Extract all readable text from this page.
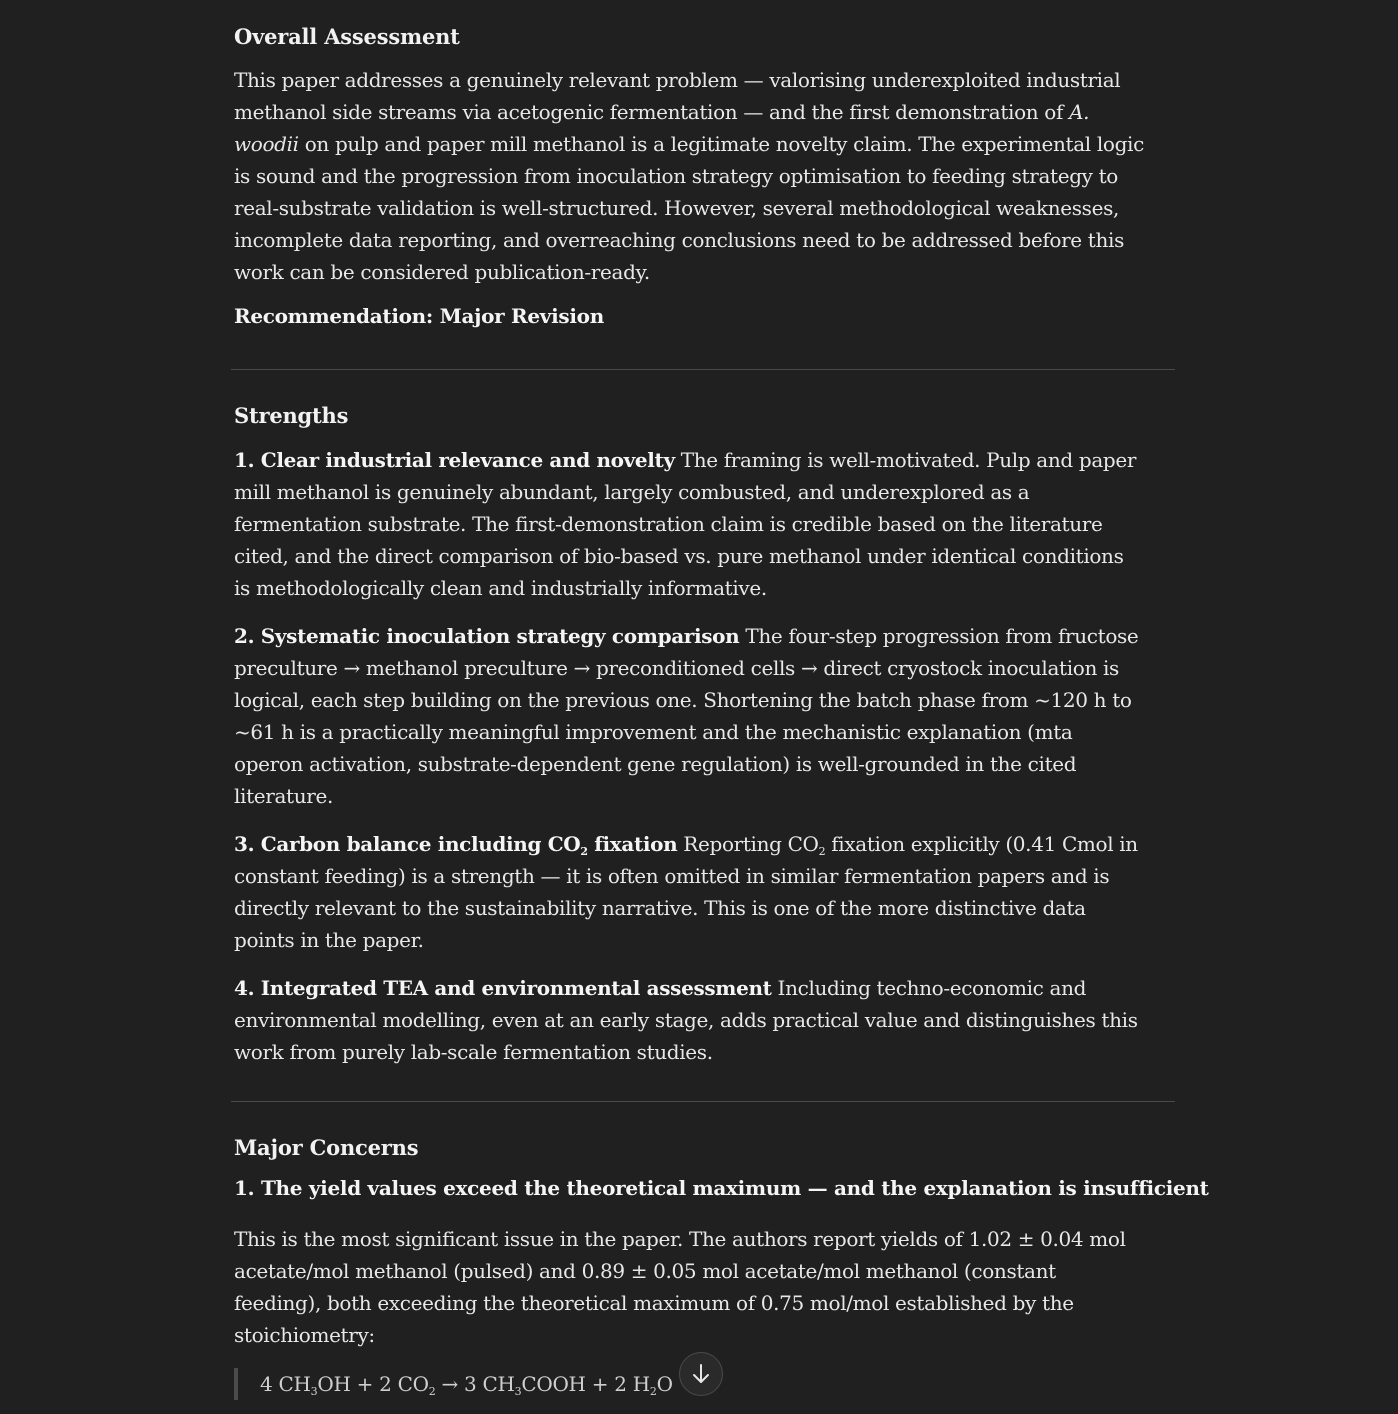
Overall Assessment

This paper addresses a genuinely relevant problem — valorising underexploited industrial methanol side streams via acetogenic fermentation — and the first demonstration of A. woodii on pulp and paper mill methanol is a legitimate novelty claim. The experimental logic is sound and the progression from inoculation strategy optimisation to feeding strategy to real-substrate validation is well-structured. However, several methodological weaknesses, incomplete data reporting, and overreaching conclusions need to be addressed before this work can be considered publication-ready.

Recommendation: Major Revision
Strengths

1. Clear industrial relevance and novelty The framing is well-motivated. Pulp and paper mill methanol is genuinely abundant, largely combusted, and underexplored as a fermentation substrate. The first-demonstration claim is credible based on the literature cited, and the direct comparison of bio-based vs. pure methanol under identical conditions is methodologically clean and industrially informative.

2. Systematic inoculation strategy comparison The four-step progression from fructose preculture → methanol preculture → preconditioned cells → direct cryostock inoculation is logical, each step building on the previous one. Shortening the batch phase from ~120 h to ~61 h is a practically meaningful improvement and the mechanistic explanation (mta operon activation, substrate-dependent gene regulation) is well-grounded in the cited literature.

3. Carbon balance including $CO_2$ fixation Reporting $CO_2$ fixation explicitly (0.41 Cmol in constant feeding) is a strength — it is often omitted in similar fermentation papers and is directly relevant to the sustainability narrative. This is one of the more distinctive data points in the paper.

4. Integrated TEA and environmental assessment Including techno-economic and environmental modelling, even at an early stage, adds practical value and distinguishes this work from purely lab-scale fermentation studies.

Major Concerns
1. The yield values exceed the theoretical maximum — and the explanation is insufficient

This is the most significant issue in the paper. The authors report yields of 1.02 ± 0.04 mol acetate/mol methanol (pulsed) and 0.89 ± 0.05 mol acetate/mol methanol (constant feeding), both exceeding the theoretical maximum of 0.75 mol/mol established by the stoichiometry:

4 $CH_3OH + 2$ $CO_2 \to 3$ $CH_3COOH + 2$ $H_2O$
